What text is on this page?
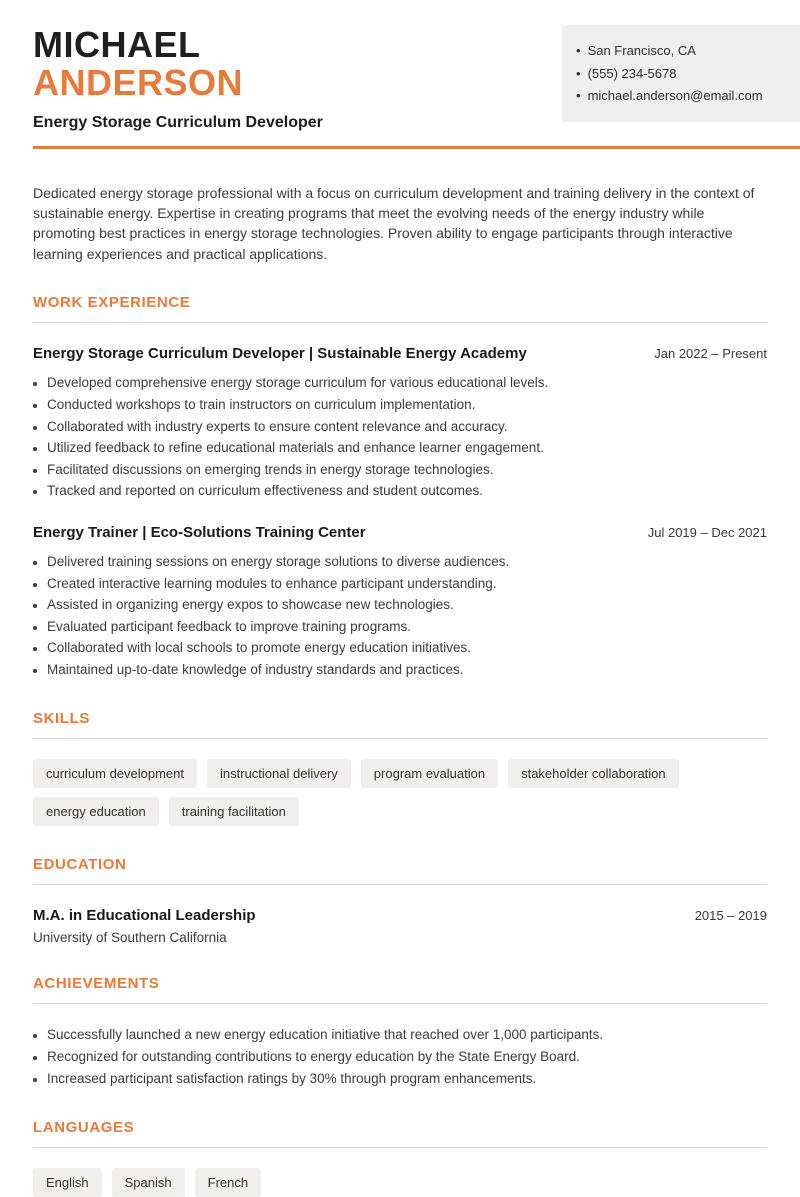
MICHAEL
ANDERSON
Energy Storage Curriculum Developer
• San Francisco, CA
• (555) 234-5678
• michael.anderson@email.com

Dedicated energy storage professional with a focus on curriculum development and training delivery in the context of sustainable energy. Expertise in creating programs that meet the evolving needs of the energy industry while promoting best practices in energy storage technologies. Proven ability to engage participants through interactive learning experiences and practical applications.

WORK EXPERIENCE
Energy Storage Curriculum Developer | Sustainable Energy Academy	Jan 2022 – Present
• Developed comprehensive energy storage curriculum for various educational levels.
• Conducted workshops to train instructors on curriculum implementation.
• Collaborated with industry experts to ensure content relevance and accuracy.
• Utilized feedback to refine educational materials and enhance learner engagement.
• Facilitated discussions on emerging trends in energy storage technologies.
• Tracked and reported on curriculum effectiveness and student outcomes.
Energy Trainer | Eco-Solutions Training Center	Jul 2019 – Dec 2021
• Delivered training sessions on energy storage solutions to diverse audiences.
• Created interactive learning modules to enhance participant understanding.
• Assisted in organizing energy expos to showcase new technologies.
• Evaluated participant feedback to improve training programs.
• Collaborated with local schools to promote energy education initiatives.
• Maintained up-to-date knowledge of industry standards and practices.
SKILLS
curriculum development	instructional delivery	program evaluation	stakeholder collaboration
energy education	training facilitation
EDUCATION
M.A. in Educational Leadership	2015 – 2019
University of Southern California
ACHIEVEMENTS
• Successfully launched a new energy education initiative that reached over 1,000 participants.
• Recognized for outstanding contributions to energy education by the State Energy Board.
• Increased participant satisfaction ratings by 30% through program enhancements.
LANGUAGES
English	Spanish	French
